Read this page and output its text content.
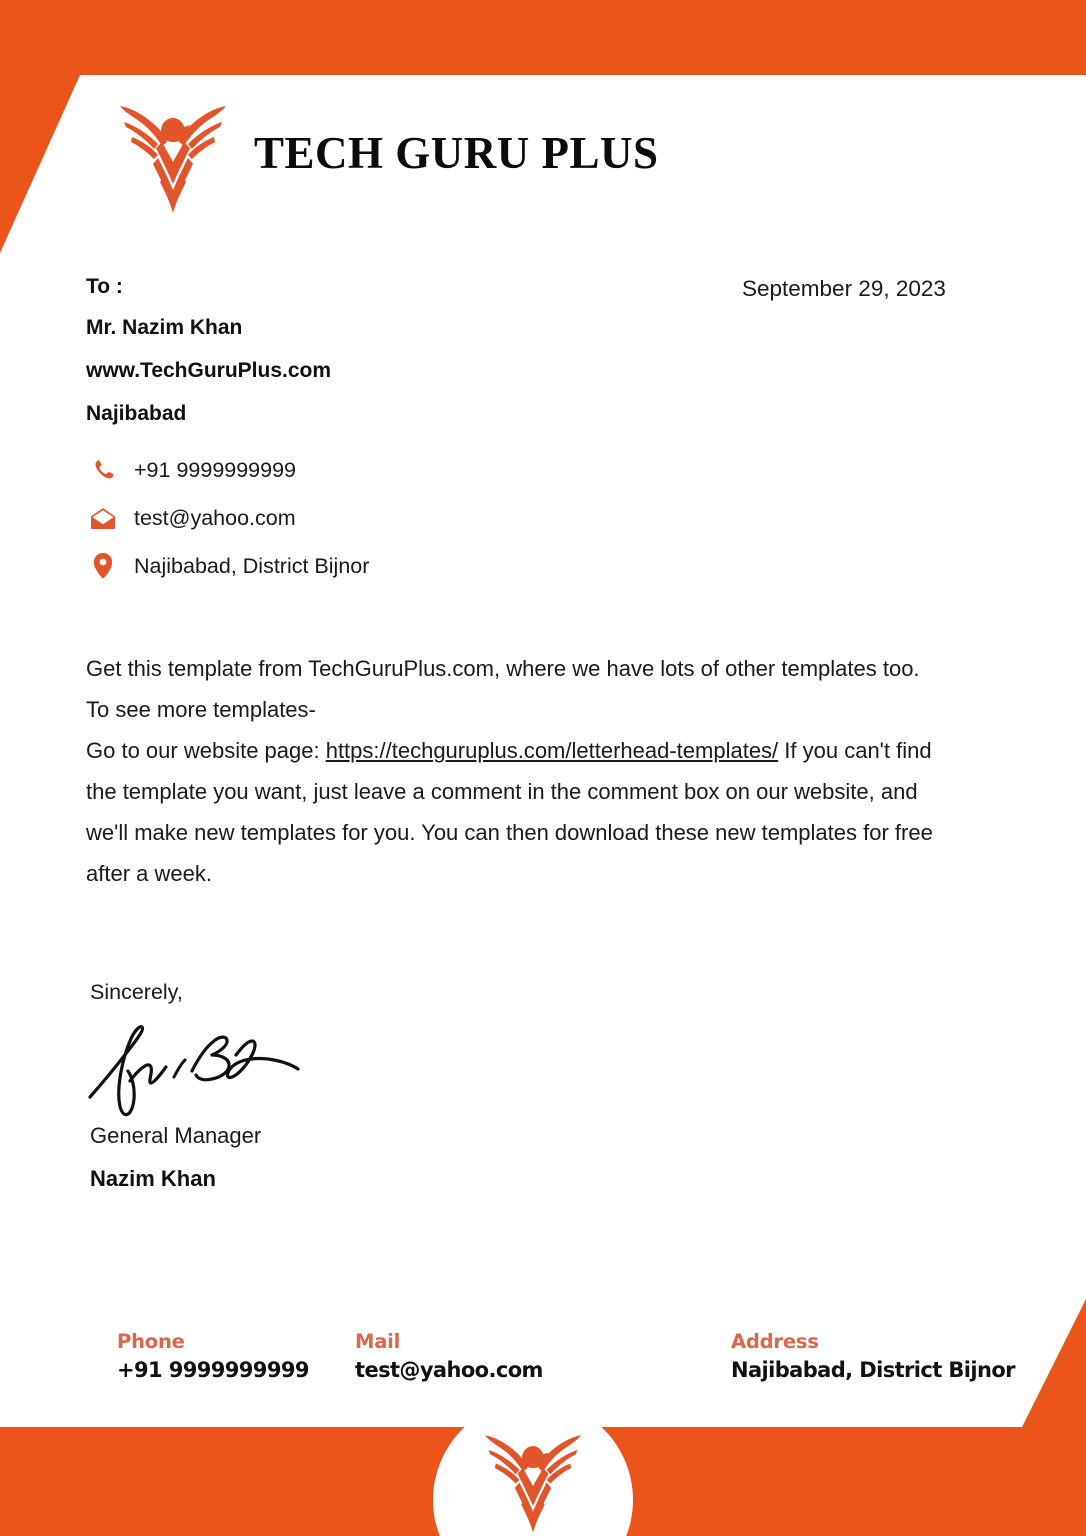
TECH GURU PLUS
September 29, 2023
To :
Mr. Nazim Khan
www.TechGuruPlus.com
Najibabad
+91 9999999999
test@yahoo.com
Najibabad, District Bijnor
Get this template from TechGuruPlus.com, where we have lots of other templates too.
To see more templates-
Go to our website page: https://techguruplus.com/letterhead-templates/ If you can't find
the template you want, just leave a comment in the comment box on our website, and
we'll make new templates for you. You can then download these new templates for free
after a week.
Sincerely,
General Manager
Nazim Khan
Phone
+91 9999999999
Mail
test@yahoo.com
Address
Najibabad, District Bijnor
